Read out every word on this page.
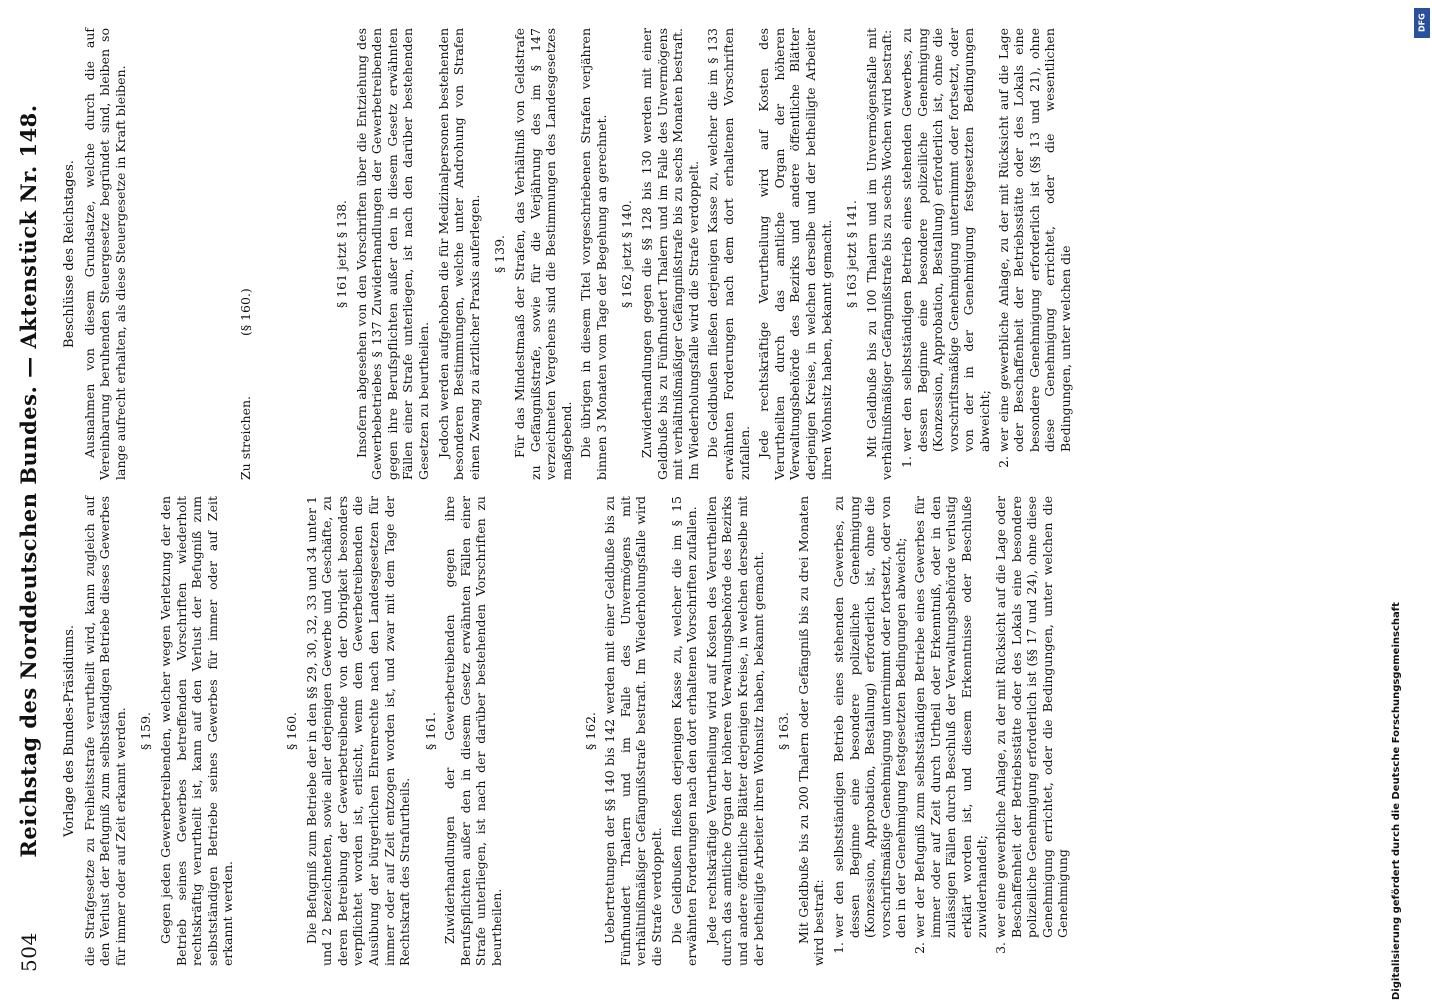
504
Reichstag des Norddeutschen Bundes. — Aktenstück Nr. 148. Vorlage des Bundes-Präsidiums. die Strafgesetze zu Freiheitsstrafe verurtheilt wird, kann zugleich auf den Verlust der Befugniß zum selbstständigen Betriebe dieses Gewerbes für immer oder auf Zeit erkannt werden. § 159. Gegen jeden Gewerbetreibenden, welcher wegen Verletzung der den Betrieb seines Gewerbes betreffenden Vorschriften wiederholt rechtskräftig verurtheilt ist, kann auf den Verlust der Befugniß zum selbstständigen Betriebe seines Gewerbes für immer oder auf Zeit erkannt werden.

§ 160. Die Befugniß zum Betriebe der in den §§ 29, 30, 32, 33 und 34 unter 1 und 2 bezeichneten, sowie aller derjenigen Gewerbe und Geschäfte, zu deren Betreibung der Gewerbetreibende von der Obrigkeit besonders verpflichtet worden ist, erlischt, wenn dem Gewerbetreibenden die Ausübung der bürgerlichen Ehrenrechte nach den Landesgesetzen für immer oder auf Zeit entzogen worden ist, und zwar mit dem Tage der Rechtskraft des Strafurtheils.

§ 161. Zuwiderhandlungen der Gewerbetreibenden gegen ihre Berufspflichten außer den in diesem Gesetz erwähnten Fällen einer Strafe unterliegen, ist nach der darüber bestehenden Vorschriften zu beurtheilen.

§ 162. Uebertretungen der §§ 140 bis 142 werden mit einer Geldbuße bis zu Fünfhundert Thalern und im Falle des Unvermögens mit verhältnißmäßiger Gefängnißstrafe bestraft. Im Wiederholungsfalle wird die Strafe verdoppelt. Die Geldbußen fließen derjenigen Kasse zu, welcher die im § 15 erwähnten Forderungen nach den dort erhaltenen Vorschriften zufallen. Jede rechtskräftige Verurtheilung wird auf Kosten des Verurtheilten durch das amtliche Organ der höheren Verwaltungsbehörde des Bezirks und andere öffentliche Blätter derjenigen Kreise, in welchen derselbe mit der betheiligte Arbeiter ihren Wohnsitz haben, bekannt gemacht. § 163. Mit Geldbuße bis zu 200 Thalern oder Gefängniß bis zu drei Monaten wird bestraft: 1. wer den selbstständigen Betrieb eines stehenden Gewerbes, zu dessen Beginne eine besondere polizeiliche Genehmigung (Konzession, Approbation, Bestallung) erforderlich ist, ohne die vorschriftsmäßige Genehmigung unternimmt oder fortsetzt, oder von den in der Genehmigung festgesetzten Bedingungen abweicht; 2. wer der Befugniß zum selbstständigen Betriebe eines Gewerbes für immer oder auf Zeit durch Urtheil oder Erkenntniß, oder in den zulässigen Fällen durch Beschluß der Verwaltungsbehörde verlustig erklärt worden ist, und diesem Erkenntnisse oder Beschluße zuwiderhandelt; 3. wer eine gewerbliche Anlage, zu der mit Rücksicht auf die Lage oder Beschaffenheit der Betriebsstätte oder des Lokals eine besondere polizeiliche Genehmigung erforderlich ist (§§ 17 und 24), ohne diese Genehmigung errichtet, oder die Bedingungen, unter welchen die Genehmigung
Beschlüsse des Reichstages. Ausnahmen von diesem Grundsatze, welche durch die auf Vereinbarung beruhenden Steuergesetze begründet sind, bleiben so lange aufrecht erhalten, als diese Steuergesetze in Kraft bleiben.	Zu streichen.
(§ 160.)
§ 161 jetzt § 138. Insofern abgesehen von den Vorschriften über die Entziehung des Gewerbebetriebes § 137 Zuwiderhandlungen der Gewerbetreibenden gegen ihre Berufspflichten außer den in diesem Gesetz erwähnten Fällen einer Strafe unterliegen, ist nach den darüber bestehenden Gesetzen zu beurtheilen. Jedoch werden aufgehoben die für Medizinalpersonen bestehenden besonderen Bestimmungen, welche unter Androhung von Strafen einen Zwang zu ärztlicher Praxis auferlegen. § 139. Für das Mindestmaaß der Strafen, das Verhältniß von Geldstrafe zu Gefängnißstrafe, sowie für die Verjährung des im § 147 verzeichneten Vergehens sind die Bestimmungen des Landesgesetzes maßgebend. Die übrigen in diesem Titel vorgeschriebenen Strafen verjähren binnen 3 Monaten vom Tage der Begehung an gerechnet. § 162 jetzt § 140. Zuwiderhandlungen gegen die §§ 128 bis 130 werden mit einer Geldbuße bis zu Fünfhundert Thalern und im Falle des Unvermögens mit verhältnißmäßiger Gefängnißstrafe bis zu sechs Monaten bestraft. Im Wiederholungsfalle wird die Strafe verdoppelt. Die Geldbußen fließen derjenigen Kasse zu, welcher die im § 133 erwähnten Forderungen nach dem dort erhaltenen Vorschriften zufallen. Jede rechtskräftige Verurtheilung wird auf Kosten des Verurtheilten durch das amtliche Organ der höheren Verwaltungsbehörde des Bezirks und andere öffentliche Blätter derjenigen Kreise, in welchen derselbe und der betheiligte Arbeiter ihren Wohnsitz haben, bekannt gemacht. § 163 jetzt § 141. Mit Geldbuße bis zu 100 Thalern und im Unvermögensfalle mit verhältnißmäßiger Gefängnißstrafe bis zu sechs Wochen wird bestraft: 1. wer den selbstständigen Betrieb eines stehenden Gewerbes, zu dessen Beginne eine besondere polizeiliche Genehmigung (Konzession, Approbation, Bestallung) erforderlich ist, ohne die vorschriftsmäßige Genehmigung unternimmt oder fortsetzt, oder von der in der Genehmigung festgesetzten Bedingungen abweicht; 2. wer eine gewerbliche Anlage, zu der mit Rücksicht auf die Lage oder Beschaffenheit der Betriebsstätte oder des Lokals eine besondere Genehmigung erforderlich ist (§§ 13 und 21), ohne diese Genehmigung errichtet, oder die wesentlichen Bedingungen, unter welchen die
DFG
Digitalisierung gefördert durch die Deutsche Forschungsgemeinschaft
